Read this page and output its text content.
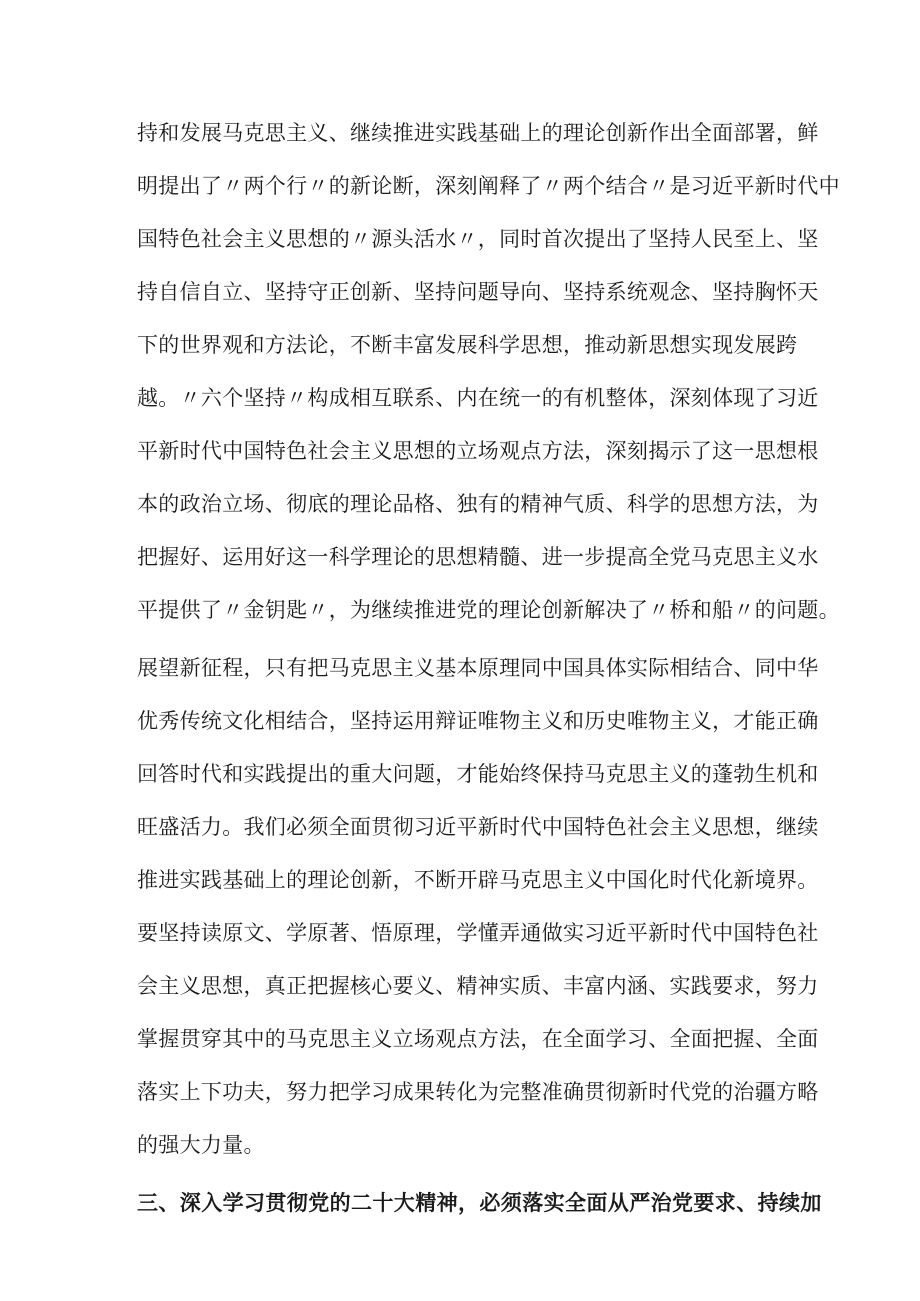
持和发展马克思主义、继续推进实践基础上的理论创新作出全面部署，鲜
明提出了〃两个行〃的新论断，深刻阐释了〃两个结合〃是习近平新时代中
国特色社会主义思想的〃源头活水〃，同时首次提出了坚持人民至上、坚
持自信自立、坚持守正创新、坚持问题导向、坚持系统观念、坚持胸怀天
下的世界观和方法论，不断丰富发展科学思想，推动新思想实现发展跨
越。〃六个坚持〃构成相互联系、内在统一的有机整体，深刻体现了习近
平新时代中国特色社会主义思想的立场观点方法，深刻揭示了这一思想根
本的政治立场、彻底的理论品格、独有的精神气质、科学的思想方法，为
把握好、运用好这一科学理论的思想精髓、进一步提高全党马克思主义水
平提供了〃金钥匙〃，为继续推进党的理论创新解决了〃桥和船〃的问题。
展望新征程，只有把马克思主义基本原理同中国具体实际相结合、同中华
优秀传统文化相结合，坚持运用辩证唯物主义和历史唯物主义，才能正确
回答时代和实践提出的重大问题，才能始终保持马克思主义的蓬勃生机和
旺盛活力。我们必须全面贯彻习近平新时代中国特色社会主义思想，继续
推进实践基础上的理论创新，不断开辟马克思主义中国化时代化新境界。
要坚持读原文、学原著、悟原理，学懂弄通做实习近平新时代中国特色社
会主义思想，真正把握核心要义、精神实质、丰富内涵、实践要求，努力
掌握贯穿其中的马克思主义立场观点方法，在全面学习、全面把握、全面
落实上下功夫，努力把学习成果转化为完整准确贯彻新时代党的治疆方略
的强大力量。
三、深入学习贯彻党的二十大精神，必须落实全面从严治党要求、持续加
